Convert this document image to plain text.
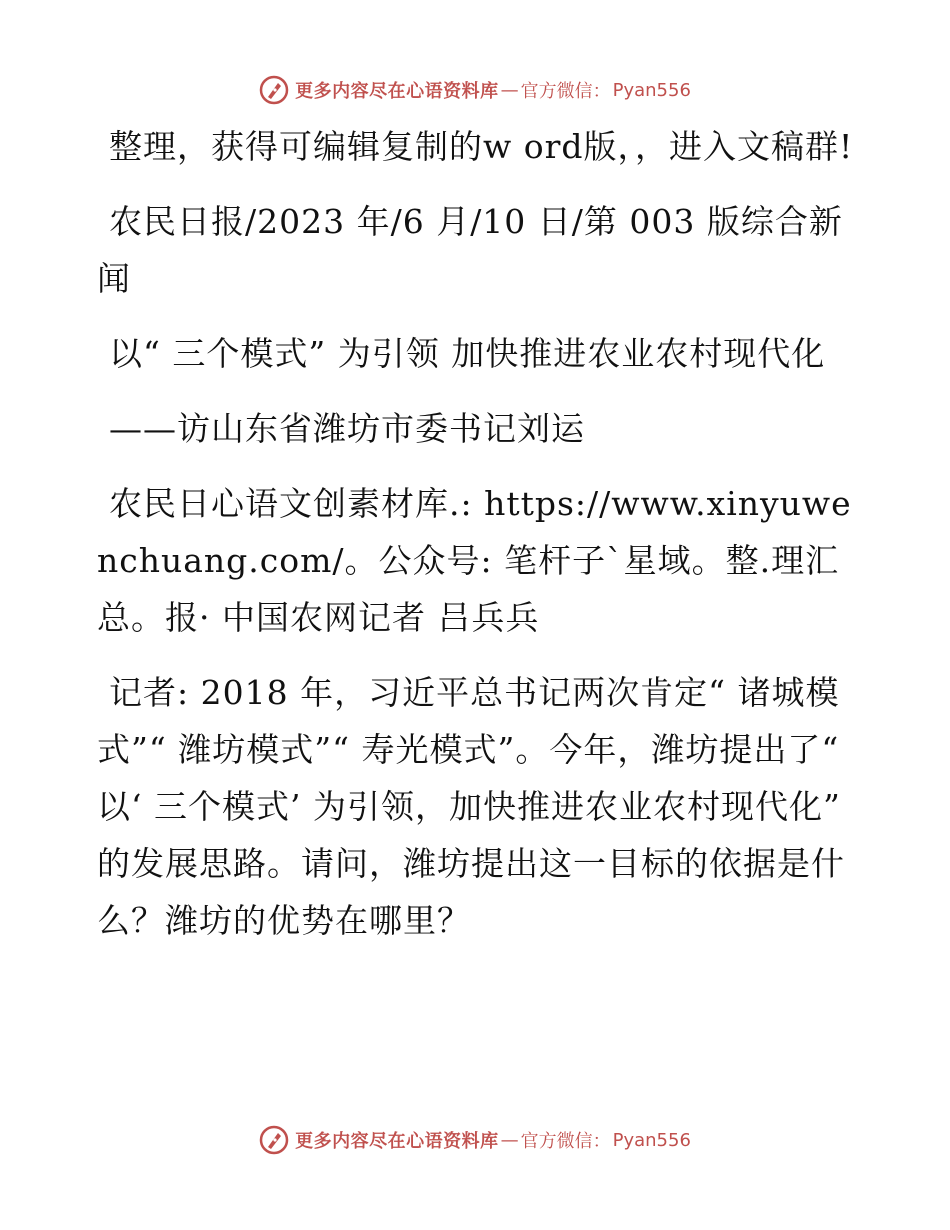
更多内容尽在心语资料库 — 官方微信： Pyan556

整理，获得可编辑复制的w ord版，，进入文稿群!

农民日报/2023 年/6 月/10 日/第 003 版综合新闻

以“ 三个模式” 为引领 加快推进农业农村现代化

——访山东省潍坊市委书记刘运

农民日心语文创素材库.: https://www.xinyuwenchuang.com/。公众号: 笔杆子`星域。整.理汇总。报· 中国农网记者 吕兵兵

记者: 2018 年，习近平总书记两次肯定“ 诸城模式”“ 潍坊模式”“ 寿光模式”。今年，潍坊提出了“ 以‘ 三个模式’ 为引领，加快推进农业农村现代化” 的发展思路。请问，潍坊提出这一目标的依据是什么？潍坊的优势在哪里？

更多内容尽在心语资料库 — 官方微信： Pyan556
